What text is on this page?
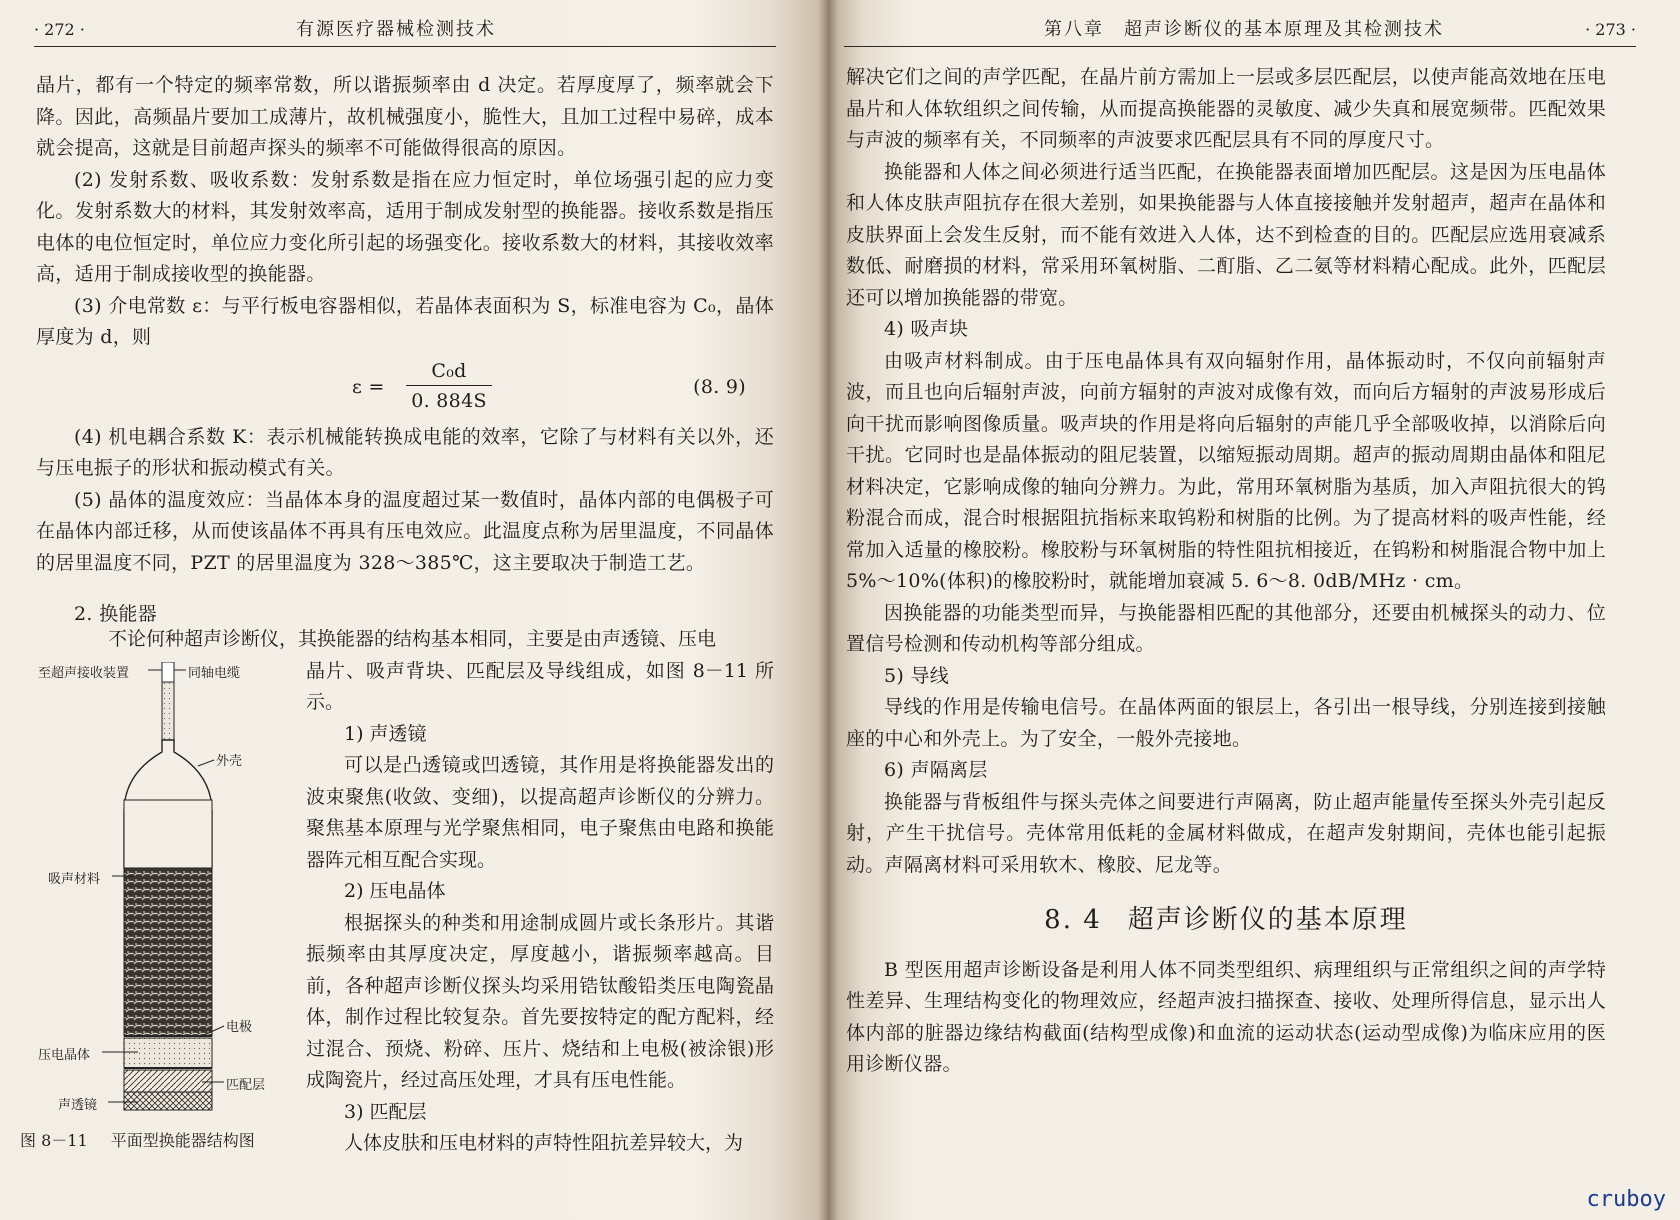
· 272 ·	有源医疗器械检测技术

晶片，都有一个特定的频率常数，所以谐振频率由 d 决定。若厚度厚了，频率就会下降。因此，高频晶片要加工成薄片，故机械强度小，脆性大，且加工过程中易碎，成本就会提高，这就是目前超声探头的频率不可能做得很高的原因。

(2) 发射系数、吸收系数：发射系数是指在应力恒定时，单位场强引起的应力变化。发射系数大的材料，其发射效率高，适用于制成发射型的换能器。接收系数是指压电体的电位恒定时，单位应力变化所引起的场强变化。接收系数大的材料，其接收效率高，适用于制成接收型的换能器。

(3) 介电常数 ε：与平行板电容器相似，若晶体表面积为 S，标准电容为 C₀，晶体厚度为 d，则

ε =
C₀d
0. 884S
(8. 9)

(4) 机电耦合系数 K：表示机械能转换成电能的效率，它除了与材料有关以外，还与压电振子的形状和振动模式有关。

(5) 晶体的温度效应：当晶体本身的温度超过某一数值时，晶体内部的电偶极子可在晶体内部迁移，从而使该晶体不再具有压电效应。此温度点称为居里温度，不同晶体的居里温度不同，PZT 的居里温度为 328～385℃，这主要取决于制造工艺。

2. 换能器

不论何种超声诊断仪，其换能器的结构基本相同，主要是由声透镜、压电

晶片、吸声背块、匹配层及导线组成，如图 8－11 所示。

1) 声透镜

可以是凸透镜或凹透镜，其作用是将换能器发出的波束聚焦(收敛、变细)，以提高超声诊断仪的分辨力。聚焦基本原理与光学聚焦相同，电子聚焦由电路和换能器阵元相互配合实现。

2) 压电晶体

根据探头的种类和用途制成圆片或长条形片。其谐振频率由其厚度决定，厚度越小，谐振频率越高。目前，各种超声诊断仪探头均采用锆钛酸铅类压电陶瓷晶体，制作过程比较复杂。首先要按特定的配方配料，经过混合、预烧、粉碎、压片、烧结和上电极(被涂银)形成陶瓷片，经过高压处理，才具有压电性能。

3) 匹配层

人体皮肤和压电材料的声特性阻抗差异较大，为

至超声接收装置	同轴电缆
外壳
吸声材料
电极
压电晶体
匹配层
声透镜
图 8－11 平面型换能器结构图
第八章　超声诊断仪的基本原理及其检测技术	· 273 ·

解决它们之间的声学匹配，在晶片前方需加上一层或多层匹配层，以使声能高效地在压电晶片和人体软组织之间传输，从而提高换能器的灵敏度、减少失真和展宽频带。匹配效果与声波的频率有关，不同频率的声波要求匹配层具有不同的厚度尺寸。

换能器和人体之间必须进行适当匹配，在换能器表面增加匹配层。这是因为压电晶体和人体皮肤声阻抗存在很大差别，如果换能器与人体直接接触并发射超声，超声在晶体和皮肤界面上会发生反射，而不能有效进入人体，达不到检查的目的。匹配层应选用衰减系数低、耐磨损的材料，常采用环氧树脂、二酊脂、乙二氨等材料精心配成。此外，匹配层还可以增加换能器的带宽。

4) 吸声块

由吸声材料制成。由于压电晶体具有双向辐射作用，晶体振动时，不仅向前辐射声波，而且也向后辐射声波，向前方辐射的声波对成像有效，而向后方辐射的声波易形成后向干扰而影响图像质量。吸声块的作用是将向后辐射的声能几乎全部吸收掉，以消除后向干扰。它同时也是晶体振动的阻尼装置，以缩短振动周期。超声的振动周期由晶体和阻尼材料决定，它影响成像的轴向分辨力。为此，常用环氧树脂为基质，加入声阻抗很大的钨粉混合而成，混合时根据阻抗指标来取钨粉和树脂的比例。为了提高材料的吸声性能，经常加入适量的橡胶粉。橡胶粉与环氧树脂的特性阻抗相接近，在钨粉和树脂混合物中加上 5%～10%(体积)的橡胶粉时，就能增加衰减 5. 6～8. 0dB/MHz · cm。

因换能器的功能类型而异，与换能器相匹配的其他部分，还要由机械探头的动力、位置信号检测和传动机构等部分组成。

5) 导线

导线的作用是传输电信号。在晶体两面的银层上，各引出一根导线，分别连接到接触座的中心和外壳上。为了安全，一般外壳接地。

6) 声隔离层

换能器与背板组件与探头壳体之间要进行声隔离，防止超声能量传至探头外壳引起反射，产生干扰信号。壳体常用低耗的金属材料做成，在超声发射期间，壳体也能引起振动。声隔离材料可采用软木、橡胶、尼龙等。

8. 4 超声诊断仪的基本原理

B 型医用超声诊断设备是利用人体不同类型组织、病理组织与正常组织之间的声学特性差异、生理结构变化的物理效应，经超声波扫描探查、接收、处理所得信息，显示出人体内部的脏器边缘结构截面(结构型成像)和血流的运动状态(运动型成像)为临床应用的医用诊断仪器。

cruboy
